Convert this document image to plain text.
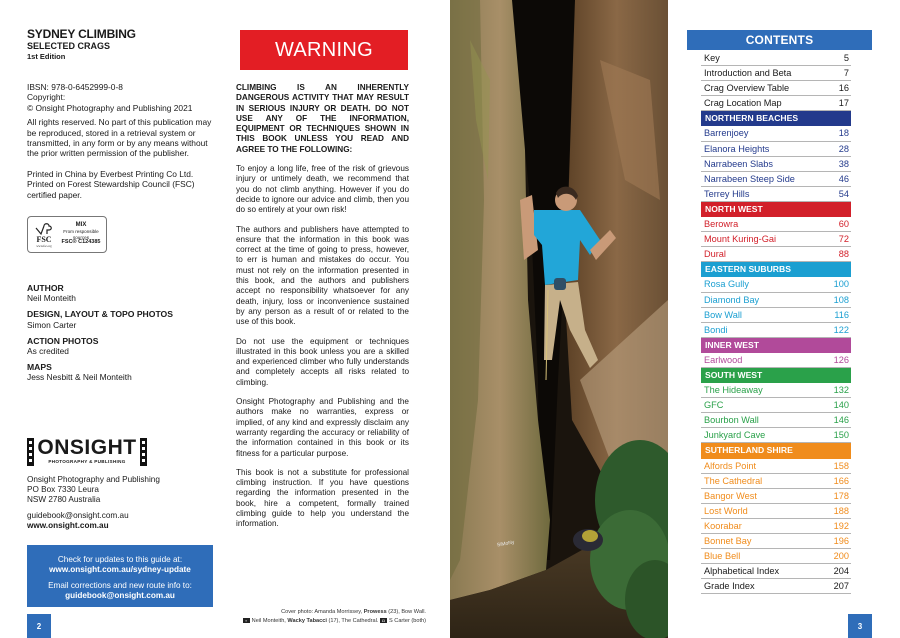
SYDNEY CLIMBING
SELECTED CRAGS
1st Edition
IBSN: 978-0-6452999-0-8
Copyright:
© Onsight Photography and Publishing 2021

All rights reserved. No part of this publication may be reproduced, stored in a retrieval system or transmitted, in any form or by any means without the prior written permission of the publisher.

Printed in China by Everbest Printing Co Ltd.
Printed on Forest Stewardship Council (FSC) certified paper.
FSC
www.fsc.org
MIX
From responsible sources
FSC® C124385
AUTHOR
Neil Monteith
DESIGN, LAYOUT & TOPO PHOTOS
Simon Carter
ACTION PHOTOS
As credited
MAPS
Jess Nesbitt & Neil Monteith
ONSIGHT
PHOTOGRAPHY & PUBLISHING
Onsight Photography and Publishing
PO Box 7330 Leura
NSW 2780 Australia
guidebook@onsight.com.au
www.onsight.com.au
Check for updates to this guide at:
www.onsight.com.au/sydney-update
Email corrections and new route info to:
guidebook@onsight.com.au
2
WARNING

CLIMBING IS AN INHERENTLY DANGEROUS ACTIVITY THAT MAY RESULT IN SERIOUS INJURY OR DEATH. DO NOT USE ANY OF THE INFORMATION, EQUIPMENT OR TECHNIQUES SHOWN IN THIS BOOK UNLESS YOU READ AND AGREE TO THE FOLLOWING:

To enjoy a long life, free of the risk of grievous injury or untimely death, we recommend that you do not climb anything. However if you do decide to ignore our advice and climb, then you do so entirely at your own risk!

The authors and publishers have attempted to ensure that the information in this book was correct at the time of going to press, however, to err is human and mistakes do occur. You must not rely on the information presented in this book, and the authors and publishers accept no responsibility whatsoever for any death, injury, loss or inconvenience sustained by any person as a result of or related to the use of this book.

Do not use the equipment or techniques illustrated in this book unless you are a skilled and experienced climber who fully understands and completely accepts all risks related to climbing.

Onsight Photography and Publishing and the authors make no warranties, express or implied, of any kind and expressly disclaim any warranty regarding the accuracy or reliability of the information contained in this book or its fitness for a particular purpose.

This book is not a substitute for professional climbing instruction. If you have questions regarding the information presented in the book, hire a competent, formally trained climbing guide to help you understand the information.

Cover photo: Amanda Morrissey, Prowess (23), Bow Wall.
▪ Neil Monteith, Wacky Tabacci (17), The Cathedral. ◘ S Carter (both)
SiMoNy
CONTENTS
Key	5
Introduction and Beta	7
Crag Overview Table	16
Crag Location Map	17
NORTHERN BEACHES
Barrenjoey	18
Elanora Heights	28
Narrabeen Slabs	38
Narrabeen Steep Side	46
Terrey Hills	54
NORTH WEST
Berowra	60
Mount Kuring-Gai	72
Dural	88
EASTERN SUBURBS
Rosa Gully	100
Diamond Bay	108
Bow Wall	116
Bondi	122
INNER WEST
Earlwood	126
SOUTH WEST
The Hideaway	132
GFC	140
Bourbon Wall	146
Junkyard Cave	150
SUTHERLAND SHIRE
Alfords Point	158
The Cathedral	166
Bangor West	178
Lost World	188
Koorabar	192
Bonnet Bay	196
Blue Bell	200
Alphabetical Index	204
Grade Index	207
3
